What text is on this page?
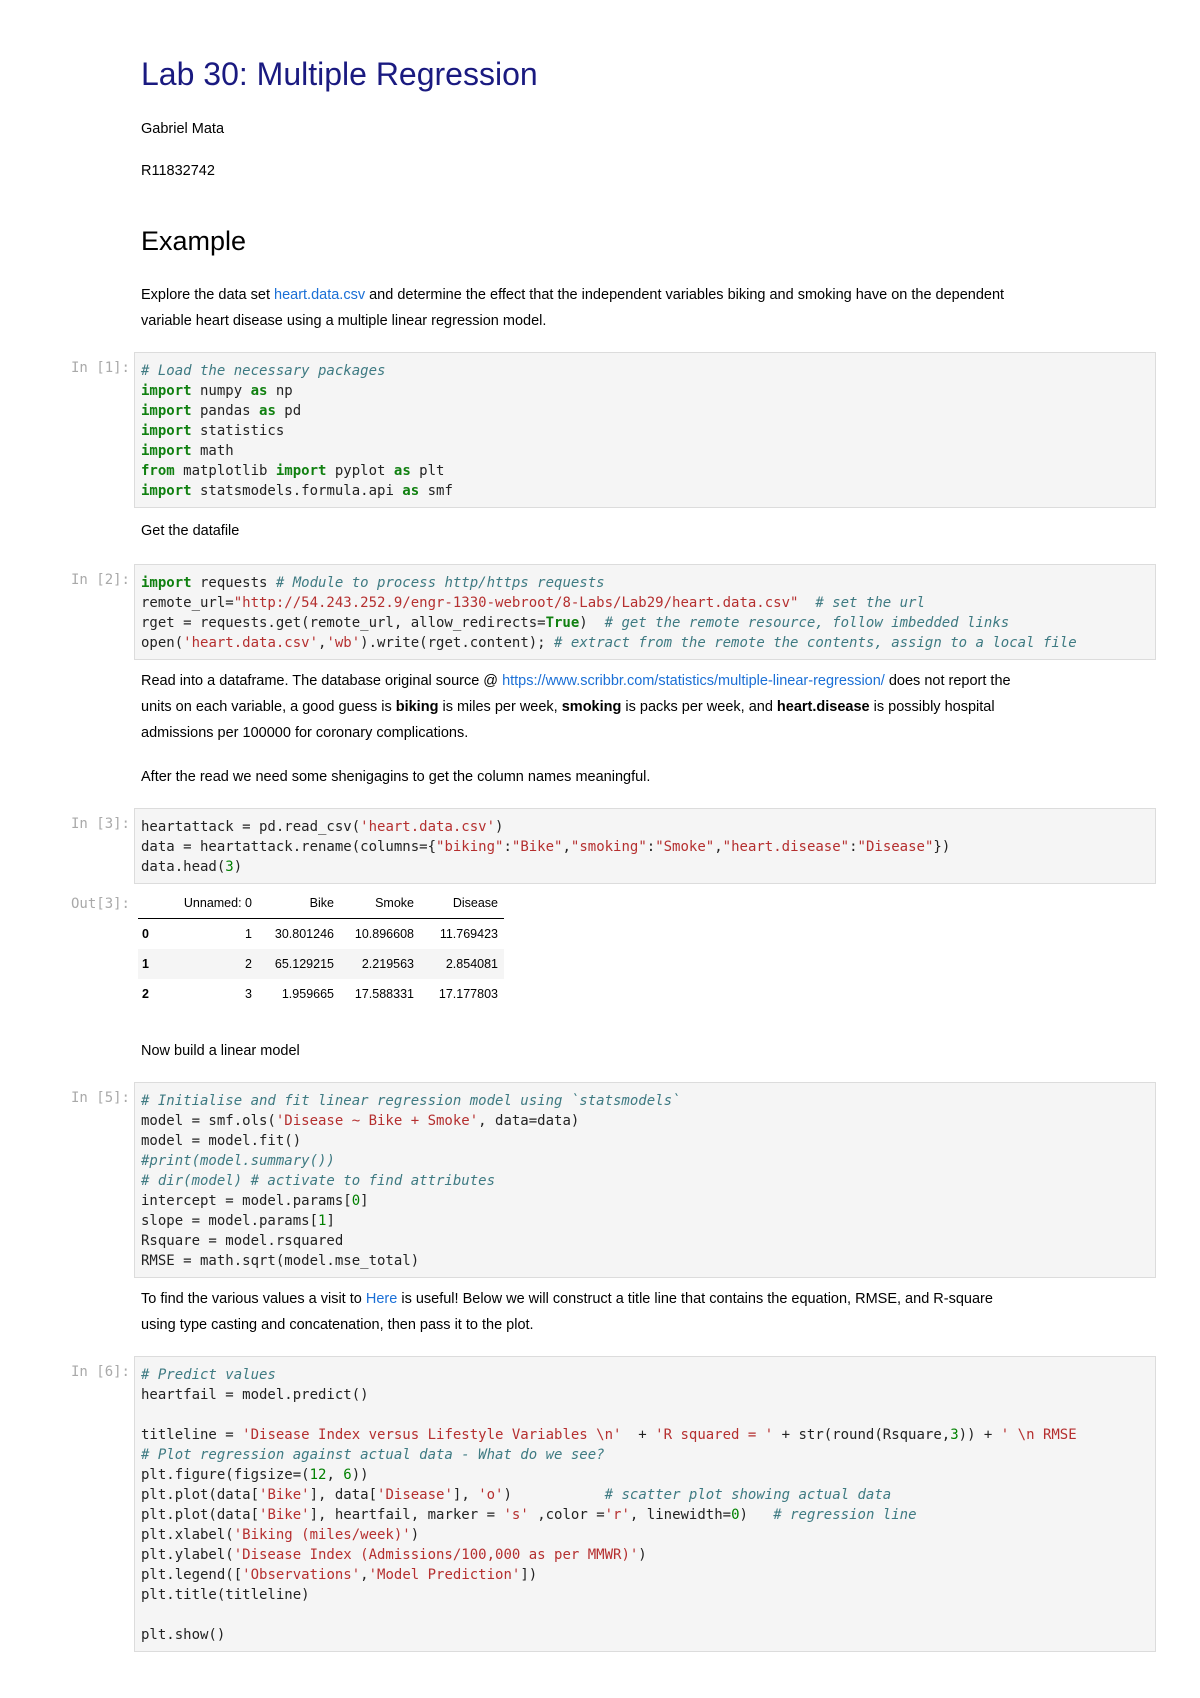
Lab 30: Multiple Regression
Gabriel Mata
R11832742
Example
Explore the data set heart.data.csv and determine the effect that the independent variables biking and smoking have on the dependent
variable heart disease using a multiple linear regression model.
In [1]: # Load the necessary packages
import numpy as np
import pandas as pd
import statistics
import math
from matplotlib import pyplot as plt
import statsmodels.formula.api as smf
Get the datafile
In [2]: import requests # Module to process http/https requests
remote_url="http://54.243.252.9/engr-1330-webroot/8-Labs/Lab29/heart.data.csv" # set the url
rget = requests.get(remote_url, allow_redirects=True)  # get the remote resource, follow imbedded links
open('heart.data.csv','wb').write(rget.content); # extract from the remote the contents, assign to a local file
Read into a dataframe. The database original source @ https://www.scribbr.com/statistics/multiple-linear-regression/ does not report the
units on each variable, a good guess is biking is miles per week, smoking is packs per week, and heart.disease is possibly hospital
admissions per 100000 for coronary complications.
After the read we need some shenigagins to get the column names meaningful.
In [3]: heartattack = pd.read_csv('heart.data.csv')
data = heartattack.rename(columns={"biking":"Bike","smoking":"Smoke","heart.disease":"Disease"})
data.head(3)
Out[3]:
		Unnamed: 0	Bike	Smoke	Disease
0	1	30.801246	10.896608	11.769423
1	2	65.129215	2.219563	2.854081
2	3	1.959665	17.588331	17.177803
Now build a linear model
In [5]: # Initialise and fit linear regression model using `statsmodels`
model = smf.ols('Disease ~ Bike + Smoke', data=data)
model = model.fit()
#print(model.summary())
# dir(model) # activate to find attributes
intercept = model.params[0]
slope = model.params[1]
Rsquare = model.rsquared
RMSE = math.sqrt(model.mse_total)
To find the various values a visit to Here is useful! Below we will construct a title line that contains the equation, RMSE, and R-square
using type casting and concatenation, then pass it to the plot.
In [6]: # Predict values
heartfail = model.predict()

titleline = 'Disease Index versus Lifestyle Variables \n'  + 'R squared = ' + str(round(Rsquare,3)) + ' \n RMSE
# Plot regression against actual data - What do we see?
plt.figure(figsize=(12, 6))
plt.plot(data['Bike'], data['Disease'], 'o')           # scatter plot showing actual data
plt.plot(data['Bike'], heartfail, marker = 's' ,color ='r', linewidth=0)   # regression line
plt.xlabel('Biking (miles/week)')
plt.ylabel('Disease Index (Admissions/100,000 as per MMWR)')
plt.legend(['Observations','Model Prediction'])
plt.title(titleline)

plt.show()
